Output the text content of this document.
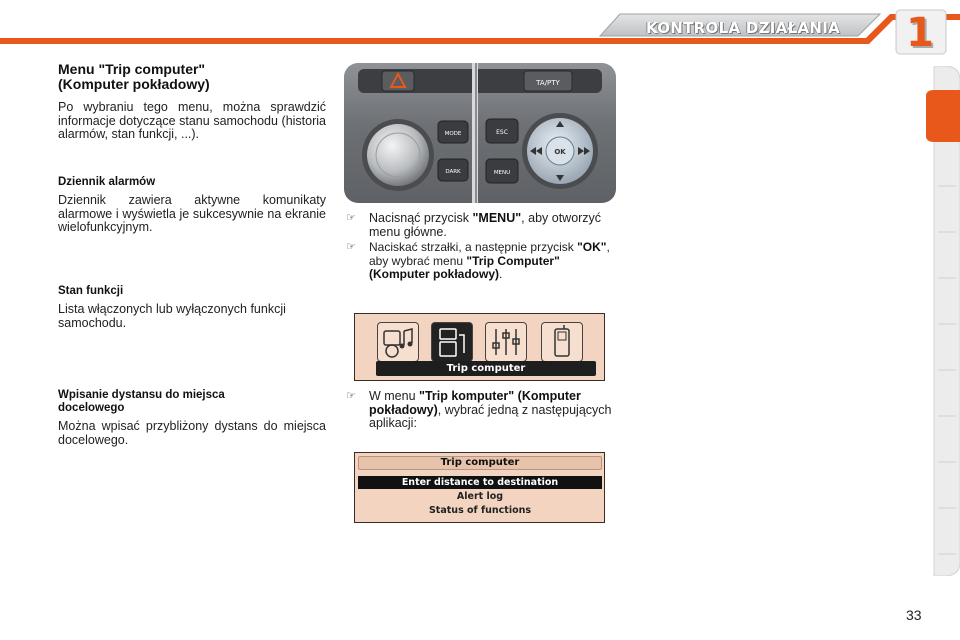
KONTROLA DZIAŁANIA 1
Menu "Trip computer"
(Komputer pokładowy)

Po wybraniu tego menu, można sprawdzić informacje dotyczące stanu samochodu (historia alarmów, stan funkcji, ...).

Dziennik alarmów

Dziennik zawiera aktywne komunikaty alarmowe i wyświetla je sukcesywnie na ekranie wielofunkcyjnym.

Stan funkcji

Lista włączonych lub wyłączonych funkcji samochodu.

Wpisanie dystansu do miejsca
docelowego

Można wpisać przybliżony dystans do miejsca docelowego.

TA/PTY
MODE
DARK
ESC
MENU
OK
☞ Nacisnąć przycisk "MENU", aby otworzyć menu główne.
☞ Naciskać strzałki, a następnie przycisk "OK", aby wybrać menu "Trip Computer" (Komputer pokładowy).
Trip computer
☞ W menu "Trip komputer" (Komputer pokładowy), wybrać jedną z następujących aplikacji:
Trip computer
Enter distance to destination
Alert log
Status of functions
33
